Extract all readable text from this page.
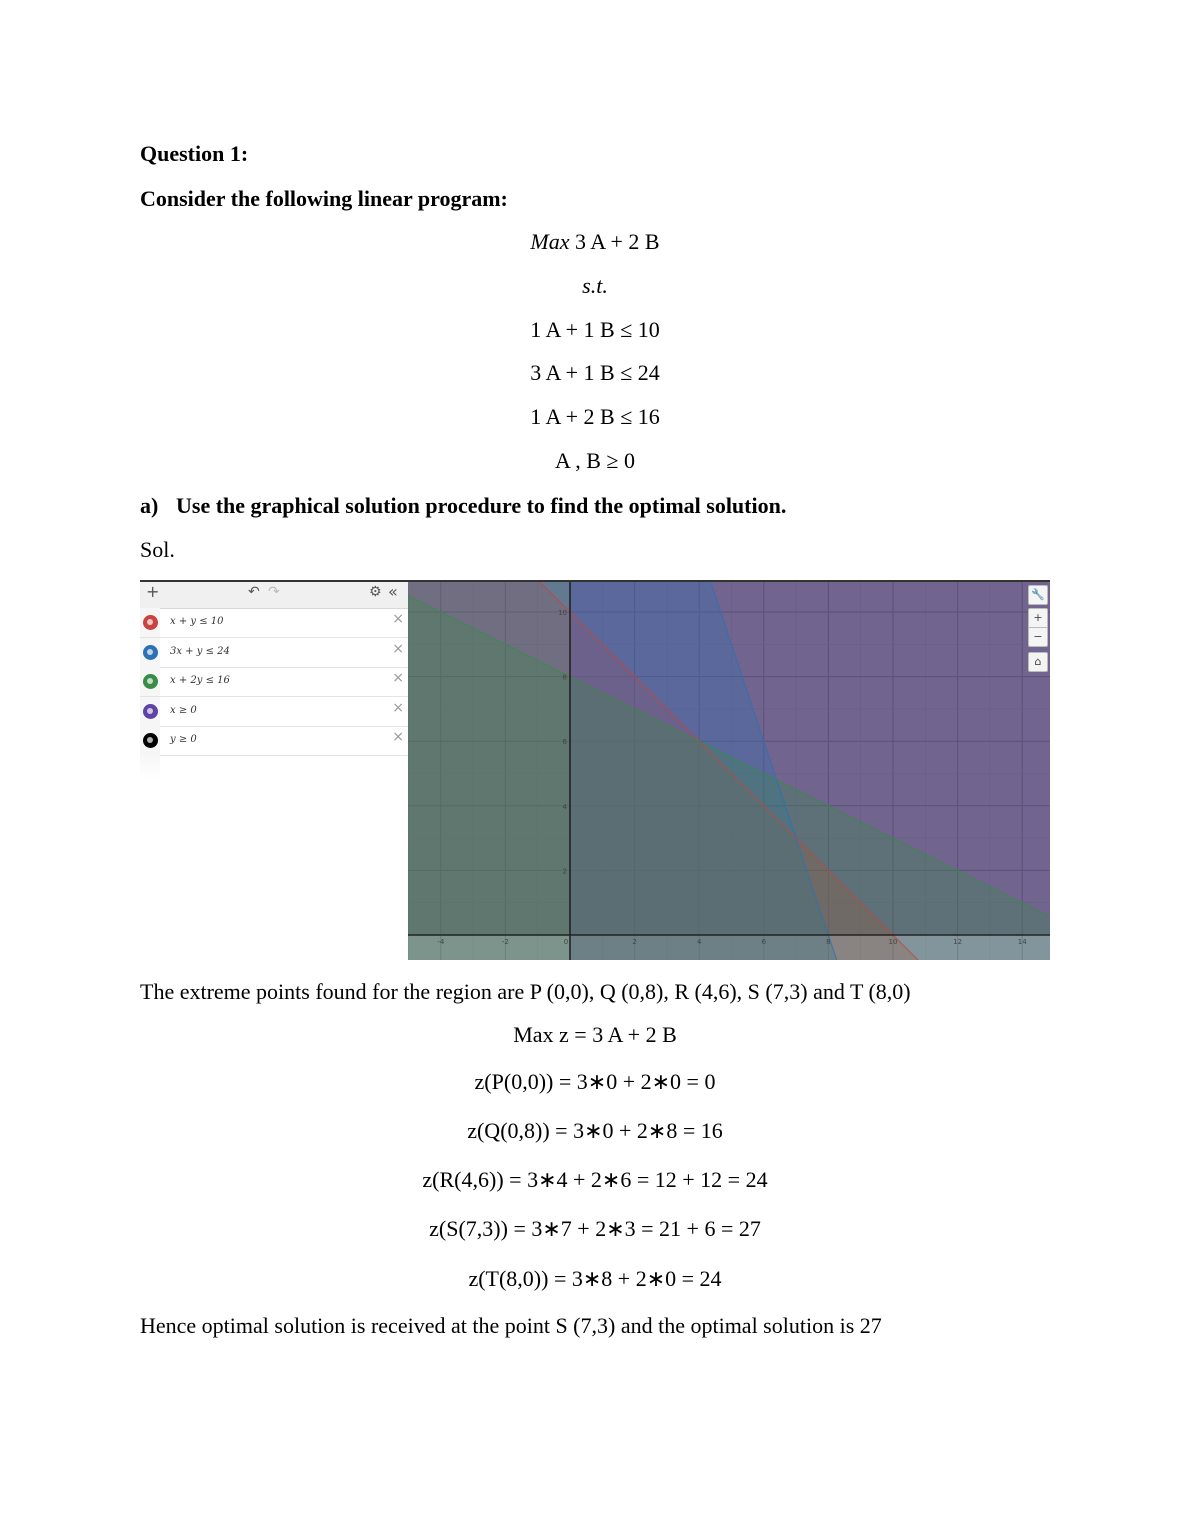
Question 1:
Consider the following linear program:
Max 3 A + 2 B
s.t.
1 A + 1 B ≤ 10
3 A + 1 B ≤ 24
1 A + 2 B ≤ 16
A , B ≥ 0
a) Use the graphical solution procedure to find the optimal solution.
Sol.
+	↶ ↷	⚙ «
x + y ≤ 10	×
3x + y ≤ 24	×
x + 2y ≤ 16	×
x ≥ 0	×
y ≥ 0	×
-4	-2	0	2	4	6	8	10	12	14
10
8
6
4
2
🔧
+
−
⌂
The extreme points found for the region are P (0,0), Q (0,8), R (4,6), S (7,3) and T (8,0)
Max z = 3 A + 2 B
z(P(0,0)) = 3∗0 + 2∗0 = 0
z(Q(0,8)) = 3∗0 + 2∗8 = 16
z(R(4,6)) = 3∗4 + 2∗6 = 12 + 12 = 24
z(S(7,3)) = 3∗7 + 2∗3 = 21 + 6 = 27
z(T(8,0)) = 3∗8 + 2∗0 = 24
Hence optimal solution is received at the point S (7,3) and the optimal solution is 27
